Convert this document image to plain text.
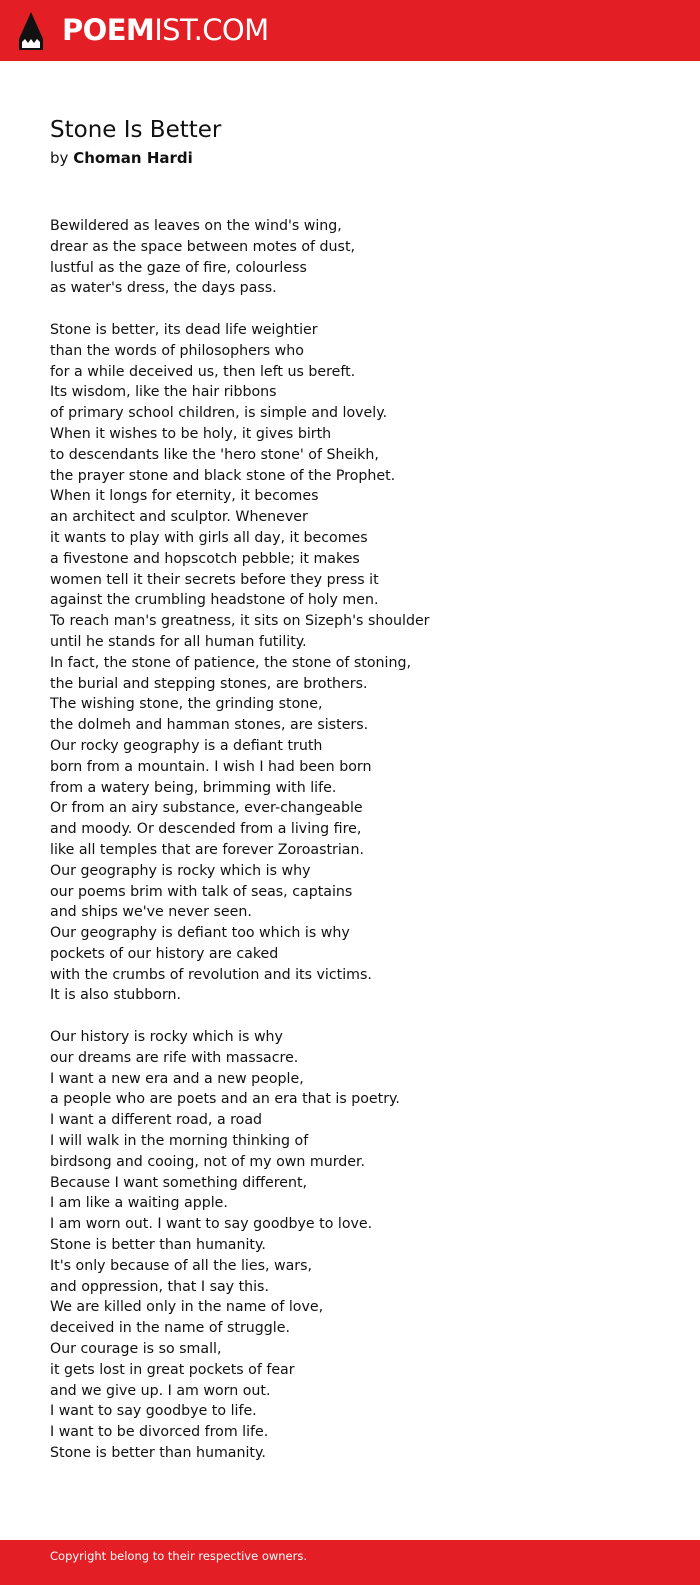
POEMIST.COM
Stone Is Better
by Choman Hardi
Bewildered as leaves on the wind's wing,
drear as the space between motes of dust,
lustful as the gaze of fire, colourless
as water's dress, the days pass.
Stone is better, its dead life weightier
than the words of philosophers who
for a while deceived us, then left us bereft.
Its wisdom, like the hair ribbons
of primary school children, is simple and lovely.
When it wishes to be holy, it gives birth
to descendants like the 'hero stone' of Sheikh,
the prayer stone and black stone of the Prophet.
When it longs for eternity, it becomes
an architect and sculptor. Whenever
it wants to play with girls all day, it becomes
a fivestone and hopscotch pebble; it makes
women tell it their secrets before they press it
against the crumbling headstone of holy men.
To reach man's greatness, it sits on Sizeph's shoulder
until he stands for all human futility.
In fact, the stone of patience, the stone of stoning,
the burial and stepping stones, are brothers.
The wishing stone, the grinding stone,
the dolmeh and hamman stones, are sisters.
Our rocky geography is a defiant truth
born from a mountain. I wish I had been born
from a watery being, brimming with life.
Or from an airy substance, ever-changeable
and moody. Or descended from a living fire,
like all temples that are forever Zoroastrian.
Our geography is rocky which is why
our poems brim with talk of seas, captains
and ships we've never seen.
Our geography is defiant too which is why
pockets of our history are caked
with the crumbs of revolution and its victims.
It is also stubborn.
Our history is rocky which is why
our dreams are rife with massacre.
I want a new era and a new people,
a people who are poets and an era that is poetry.
I want a different road, a road
I will walk in the morning thinking of
birdsong and cooing, not of my own murder.
Because I want something different,
I am like a waiting apple.
I am worn out. I want to say goodbye to love.
Stone is better than humanity.
It's only because of all the lies, wars,
and oppression, that I say this.
We are killed only in the name of love,
deceived in the name of struggle.
Our courage is so small,
it gets lost in great pockets of fear
and we give up. I am worn out.
I want to say goodbye to life.
I want to be divorced from life.
Stone is better than humanity.
Copyright belong to their respective owners.
